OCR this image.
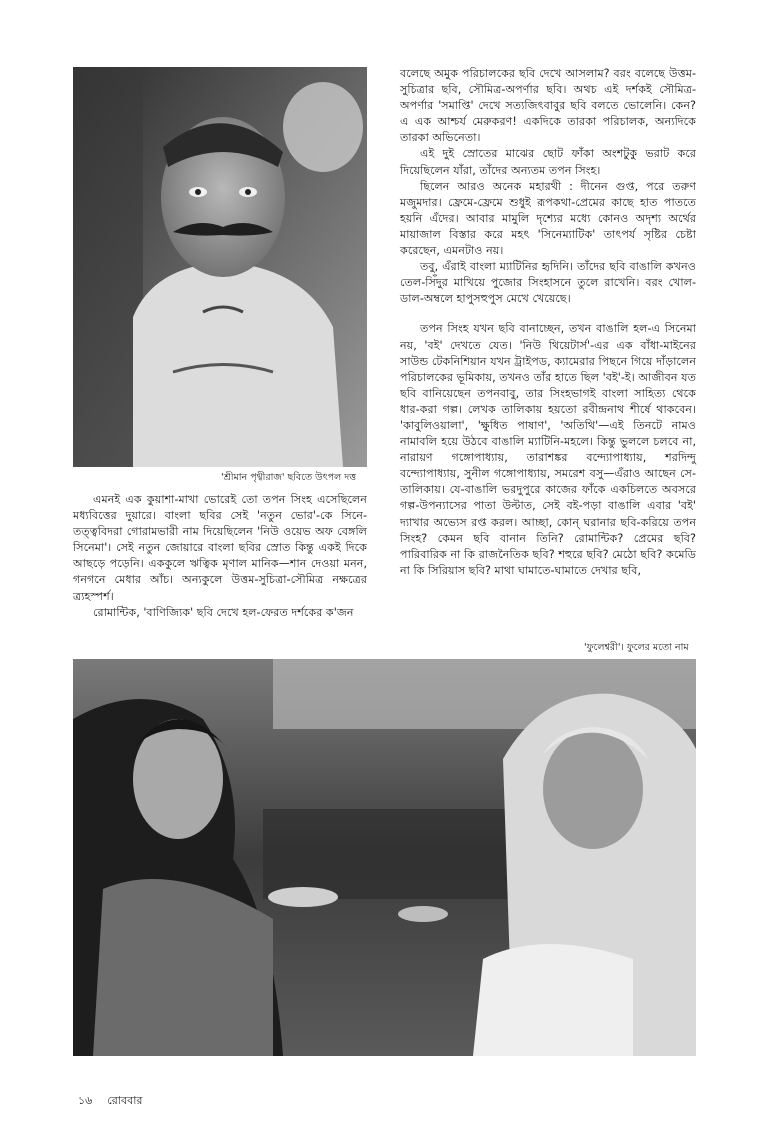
'শ্রীমান পৃথ্বীরাজ' ছবিতে উৎপল দত্ত

এমনই এক কুয়াশা-মাখা ভোরেই তো তপন সিংহ এসেছিলেন মধ্যবিত্তের দুয়ারে। বাংলা ছবির সেই 'নতুন ভোর'-কে সিনে-তত্ত্ববিদরা গোরামভারী নাম দিয়েছিলেন 'নিউ ওয়েভ অফ বেঙ্গলি সিনেমা'। সেই নতুন জোয়ারে বাংলা ছবির স্রোত কিন্তু একই দিকে আছড়ে পড়েনি। এককুলে ঋত্বিক মৃণাল মানিক—শান দেওয়া মনন, গনগনে মেধার আঁচ। অন্যকুলে উত্তম-সুচিত্রা-সৌমিত্র নক্ষত্রের ত্র্যহস্পর্শ।

রোমান্টিক, 'বাণিজ্যিক' ছবি দেখে হল-ফেরত দর্শকের ক'জন

বলেছে অমুক পরিচালকের ছবি দেখে আসলাম? বরং বলেছে উত্তম-সুচিত্রার ছবি, সৌমিত্র-অপর্ণার ছবি। অথচ এই দর্শকই সৌমিত্র-অপর্ণার 'সমাপ্তি' দেখে সত্যজিৎবাবুর ছবি বলতে ভোলেনি। কেন? এ এক আশ্চর্য মেরুকরণ! একদিকে তারকা পরিচালক, অন্যদিকে তারকা অভিনেতা।

এই দুই স্রোতের মাঝের ছোট ফাঁকা অংশটুকু ভরাট করে দিয়েছিলেন যাঁরা, তাঁদের অন্যতম তপন সিংহ।

ছিলেন আরও অনেক মহারথী : দীনেন গুপ্ত, পরে তরুণ মজুমদার। ফ্রেমে-ফ্রেমে শুধুই রূপকথা-প্রেমের কাছে হাত পাততে হয়নি এঁদের। আবার মামুলি দৃশ্যের মধ্যে কোনও অদৃশ্য অর্থের মায়াজাল বিস্তার করে মহৎ 'সিনেম্যাটিক' তাৎপর্য সৃষ্টির চেষ্টা করেছেন, এমনটাও নয়।

তবু, এঁরাই বাংলা ম্যাটিনির হৃদিনি। তাঁদের ছবি বাঙালি কখনও তেল-সিঁদুর মাখিয়ে পুজোর সিংহাসনে তুলে রাখেনি। বরং খোল-ডাল-অম্বলে হাপুসহুপুস মেখে খেয়েছে।

তপন সিংহ যখন ছবি বানাচ্ছেন, তখন বাঙালি হল-এ সিনেমা নয়, 'বই' দেখতে যেত। 'নিউ থিয়েটার্স'-এর এক বাঁধা-মাইনের সাউন্ড টেকনিশিয়ান যখন ট্রাইপড, ক্যামেরার পিছনে গিয়ে দাঁড়ালেন পরিচালকের ভূমিকায়, তখনও তাঁর হাতে ছিল 'বই'-ই। আজীবন যত ছবি বানিয়েছেন তপনবাবু, তার সিংহভাগই বাংলা সাহিত্য থেকে ধার-করা গল্প। লেখক তালিকায় হয়তো রবীন্দ্রনাথ শীর্ষে থাকবেন। 'কাবুলিওয়ালা', 'ক্ষুধিত পাষাণ', 'অতিথি'—এই তিনটে নামও নামাবলি হয়ে উঠবে বাঙালি ম্যাটিনি-মহলে। কিন্তু ভুললে চলবে না, নারায়ণ গঙ্গোপাধ্যায়, তারাশঙ্কর বন্দ্যোপাধ্যায়, শরদিন্দু বন্দ্যোপাধ্যায়, সুনীল গঙ্গোপাধ্যায়, সমরেশ বসু—এঁরাও আছেন সে-তালিকায়। যে-বাঙালি ভরদুপুরে কাজের ফাঁকে একচিলতে অবসরে গল্প-উপন্যাসের পাতা উল্টাত, সেই বই-পড়া বাঙালি এবার 'বই' দ্যাখার অভ্যেস রপ্ত করল। আচ্ছা, কোন্ ঘরানার ছবি-করিয়ে তপন সিংহ? কেমন ছবি বানান তিনি? রোমান্টিক? প্রেমের ছবি? পারিবারিক না কি রাজনৈতিক ছবি? শহুরে ছবি? মেঠো ছবি? কমেডি না কি সিরিয়াস ছবি? মাথা ঘামাতে-ঘামাতে দেখার ছবি,

'ফুলেশ্বরী'। ফুলের মতো নাম
১৬ রোববার
